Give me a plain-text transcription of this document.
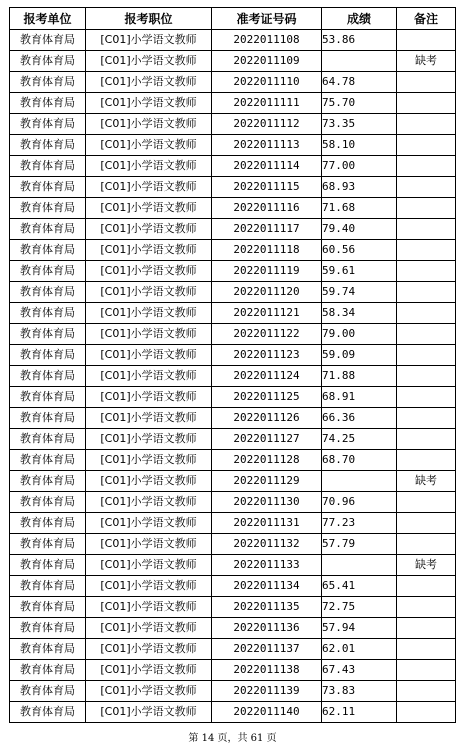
报考单位	报考职位	准考证号码	成绩	备注
教育体育局	[C01]小学语文教师	2022011108	53.86	
教育体育局	[C01]小学语文教师	2022011109		缺考
教育体育局	[C01]小学语文教师	2022011110	64.78	
教育体育局	[C01]小学语文教师	2022011111	75.70	
教育体育局	[C01]小学语文教师	2022011112	73.35	
教育体育局	[C01]小学语文教师	2022011113	58.10	
教育体育局	[C01]小学语文教师	2022011114	77.00	
教育体育局	[C01]小学语文教师	2022011115	68.93	
教育体育局	[C01]小学语文教师	2022011116	71.68	
教育体育局	[C01]小学语文教师	2022011117	79.40	
教育体育局	[C01]小学语文教师	2022011118	60.56	
教育体育局	[C01]小学语文教师	2022011119	59.61	
教育体育局	[C01]小学语文教师	2022011120	59.74	
教育体育局	[C01]小学语文教师	2022011121	58.34	
教育体育局	[C01]小学语文教师	2022011122	79.00	
教育体育局	[C01]小学语文教师	2022011123	59.09	
教育体育局	[C01]小学语文教师	2022011124	71.88	
教育体育局	[C01]小学语文教师	2022011125	68.91	
教育体育局	[C01]小学语文教师	2022011126	66.36	
教育体育局	[C01]小学语文教师	2022011127	74.25	
教育体育局	[C01]小学语文教师	2022011128	68.70	
教育体育局	[C01]小学语文教师	2022011129		缺考
教育体育局	[C01]小学语文教师	2022011130	70.96	
教育体育局	[C01]小学语文教师	2022011131	77.23	
教育体育局	[C01]小学语文教师	2022011132	57.79	
教育体育局	[C01]小学语文教师	2022011133		缺考
教育体育局	[C01]小学语文教师	2022011134	65.41	
教育体育局	[C01]小学语文教师	2022011135	72.75	
教育体育局	[C01]小学语文教师	2022011136	57.94	
教育体育局	[C01]小学语文教师	2022011137	62.01	
教育体育局	[C01]小学语文教师	2022011138	67.43	
教育体育局	[C01]小学语文教师	2022011139	73.83	
教育体育局	[C01]小学语文教师	2022011140	62.11	
第 14 页，共 61 页
